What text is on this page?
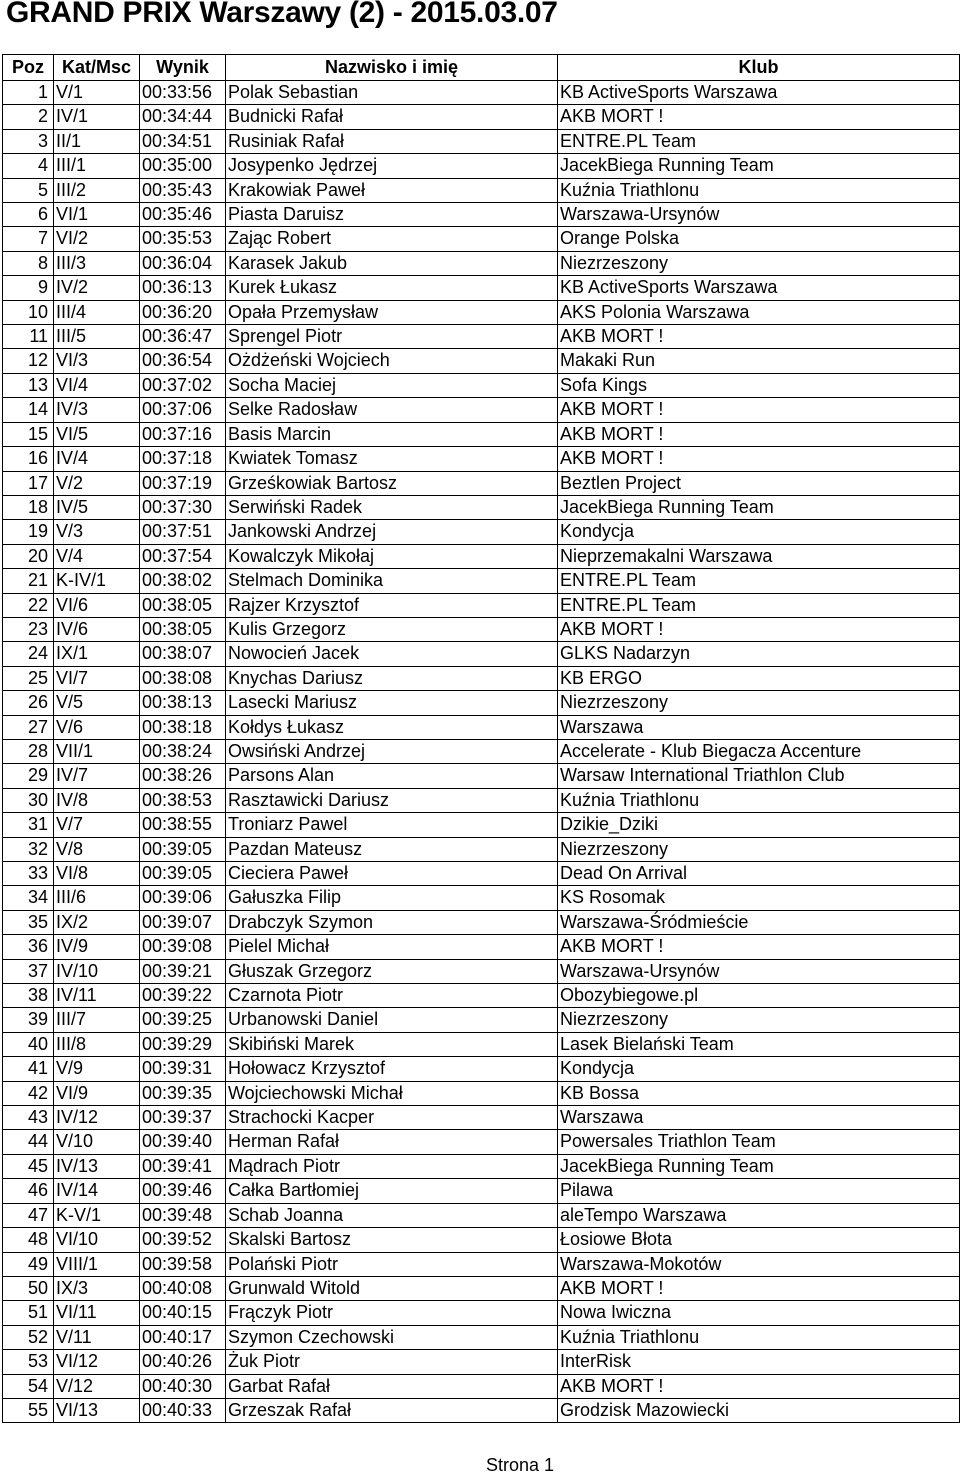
GRAND PRIX Warszawy (2) - 2015.03.07
Poz	Kat/Msc	Wynik	Nazwisko i imię	Klub
1	V/1	00:33:56	Polak Sebastian	KB ActiveSports Warszawa
2	IV/1	00:34:44	Budnicki Rafał	AKB MORT !
3	II/1	00:34:51	Rusiniak Rafał	ENTRE.PL Team
4	III/1	00:35:00	Josypenko Jędrzej	JacekBiega Running Team
5	III/2	00:35:43	Krakowiak Paweł	Kuźnia Triathlonu
6	VI/1	00:35:46	Piasta Daruisz	Warszawa-Ursynów
7	VI/2	00:35:53	Zając Robert	Orange Polska
8	III/3	00:36:04	Karasek Jakub	Niezrzeszony
9	IV/2	00:36:13	Kurek Łukasz	KB ActiveSports Warszawa
10	III/4	00:36:20	Opała Przemysław	AKS Polonia Warszawa
11	III/5	00:36:47	Sprengel Piotr	AKB MORT !
12	VI/3	00:36:54	Ożdżeński Wojciech	Makaki Run
13	VI/4	00:37:02	Socha Maciej	Sofa Kings
14	IV/3	00:37:06	Selke Radosław	AKB MORT !
15	VI/5	00:37:16	Basis Marcin	AKB MORT !
16	IV/4	00:37:18	Kwiatek Tomasz	AKB MORT !
17	V/2	00:37:19	Grześkowiak Bartosz	Beztlen Project
18	IV/5	00:37:30	Serwiński Radek	JacekBiega Running Team
19	V/3	00:37:51	Jankowski Andrzej	Kondycja
20	V/4	00:37:54	Kowalczyk Mikołaj	Nieprzemakalni Warszawa
21	K-IV/1	00:38:02	Stelmach Dominika	ENTRE.PL Team
22	VI/6	00:38:05	Rajzer Krzysztof	ENTRE.PL Team
23	IV/6	00:38:05	Kulis Grzegorz	AKB MORT !
24	IX/1	00:38:07	Nowocień Jacek	GLKS Nadarzyn
25	VI/7	00:38:08	Knychas Dariusz	KB ERGO
26	V/5	00:38:13	Lasecki Mariusz	Niezrzeszony
27	V/6	00:38:18	Kołdys Łukasz	Warszawa
28	VII/1	00:38:24	Owsiński Andrzej	Accelerate - Klub Biegacza Accenture
29	IV/7	00:38:26	Parsons Alan	Warsaw International Triathlon Club
30	IV/8	00:38:53	Rasztawicki Dariusz	Kuźnia Triathlonu
31	V/7	00:38:55	Troniarz Pawel	Dzikie_Dziki
32	V/8	00:39:05	Pazdan Mateusz	Niezrzeszony
33	VI/8	00:39:05	Cieciera Paweł	Dead On Arrival
34	III/6	00:39:06	Gałuszka Filip	KS Rosomak
35	IX/2	00:39:07	Drabczyk Szymon	Warszawa-Śródmieście
36	IV/9	00:39:08	Pielel Michał	AKB MORT !
37	IV/10	00:39:21	Głuszak Grzegorz	Warszawa-Ursynów
38	IV/11	00:39:22	Czarnota Piotr	Obozybiegowe.pl
39	III/7	00:39:25	Urbanowski Daniel	Niezrzeszony
40	III/8	00:39:29	Skibiński Marek	Lasek Bielański Team
41	V/9	00:39:31	Hołowacz Krzysztof	Kondycja
42	VI/9	00:39:35	Wojciechowski Michał	KB Bossa
43	IV/12	00:39:37	Strachocki Kacper	Warszawa
44	V/10	00:39:40	Herman Rafał	Powersales Triathlon Team
45	IV/13	00:39:41	Mądrach Piotr	JacekBiega Running Team
46	IV/14	00:39:46	Całka Bartłomiej	Pilawa
47	K-V/1	00:39:48	Schab Joanna	aleTempo Warszawa
48	VI/10	00:39:52	Skalski Bartosz	Łosiowe Błota
49	VIII/1	00:39:58	Polański Piotr	Warszawa-Mokotów
50	IX/3	00:40:08	Grunwald Witold	AKB MORT !
51	VI/11	00:40:15	Frączyk Piotr	Nowa Iwiczna
52	V/11	00:40:17	Szymon Czechowski	Kuźnia Triathlonu
53	VI/12	00:40:26	Żuk Piotr	InterRisk
54	V/12	00:40:30	Garbat Rafał	AKB MORT !
55	VI/13	00:40:33	Grzeszak Rafał	Grodzisk Mazowiecki
Strona 1
